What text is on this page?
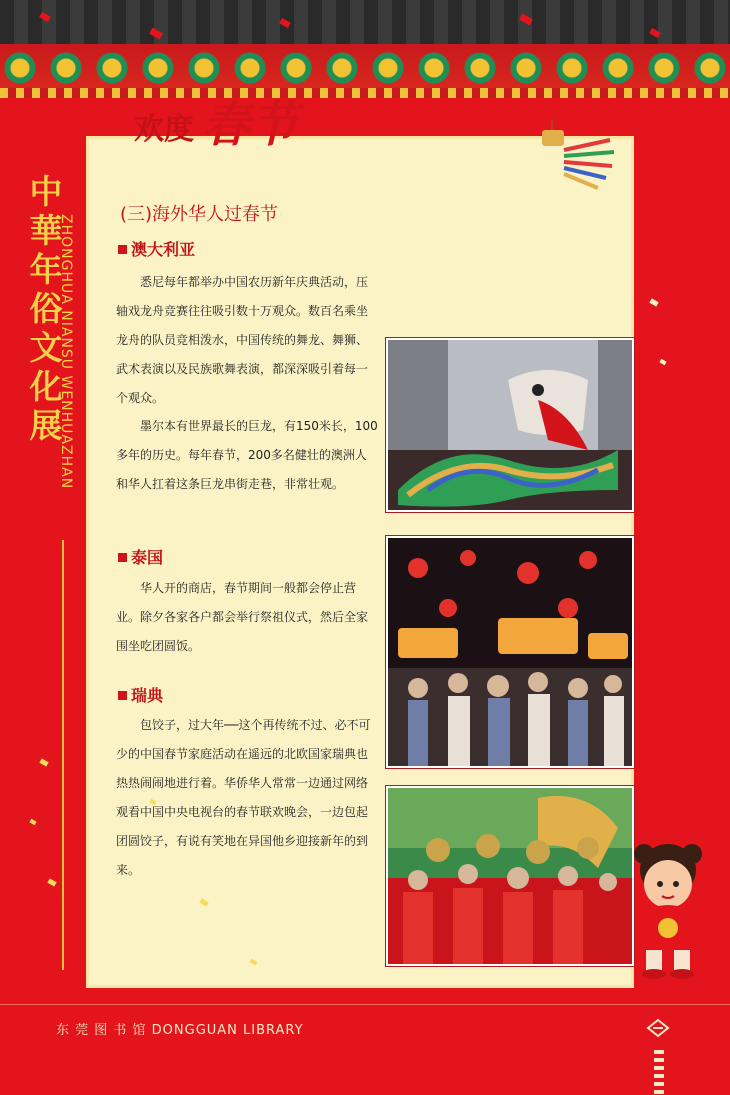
欢度 春节
中
華
年
俗
文
化
展
ZHONGHUA NIANSU WENHUAZHAN	(三)海外华人过春节
澳大利亚

悉尼每年都举办中国农历新年庆典活动，压轴戏龙舟竞赛往往吸引数十万观众。数百名乘坐龙舟的队员竞相泼水，中国传统的舞龙、舞狮、武术表演以及民族歌舞表演，都深深吸引着每一个观众。

墨尔本有世界最长的巨龙，有150米长，100多年的历史。每年春节，200多名健壮的澳洲人和华人扛着这条巨龙串街走巷，非常壮观。

泰国

华人开的商店，春节期间一般都会停止营业。除夕各家各户都会举行祭祖仪式，然后全家围坐吃团圆饭。

瑞典

包饺子，过大年──这个再传统不过、必不可少的中国春节家庭活动在遥远的北欧国家瑞典也热热闹闹地进行着。华侨华人常常一边通过网络观看中国中央电视台的春节联欢晚会，一边包起团圆饺子，有说有笑地在异国他乡迎接新年的到来。

东 莞 图 书 馆 DONGGUAN LIBRARY
